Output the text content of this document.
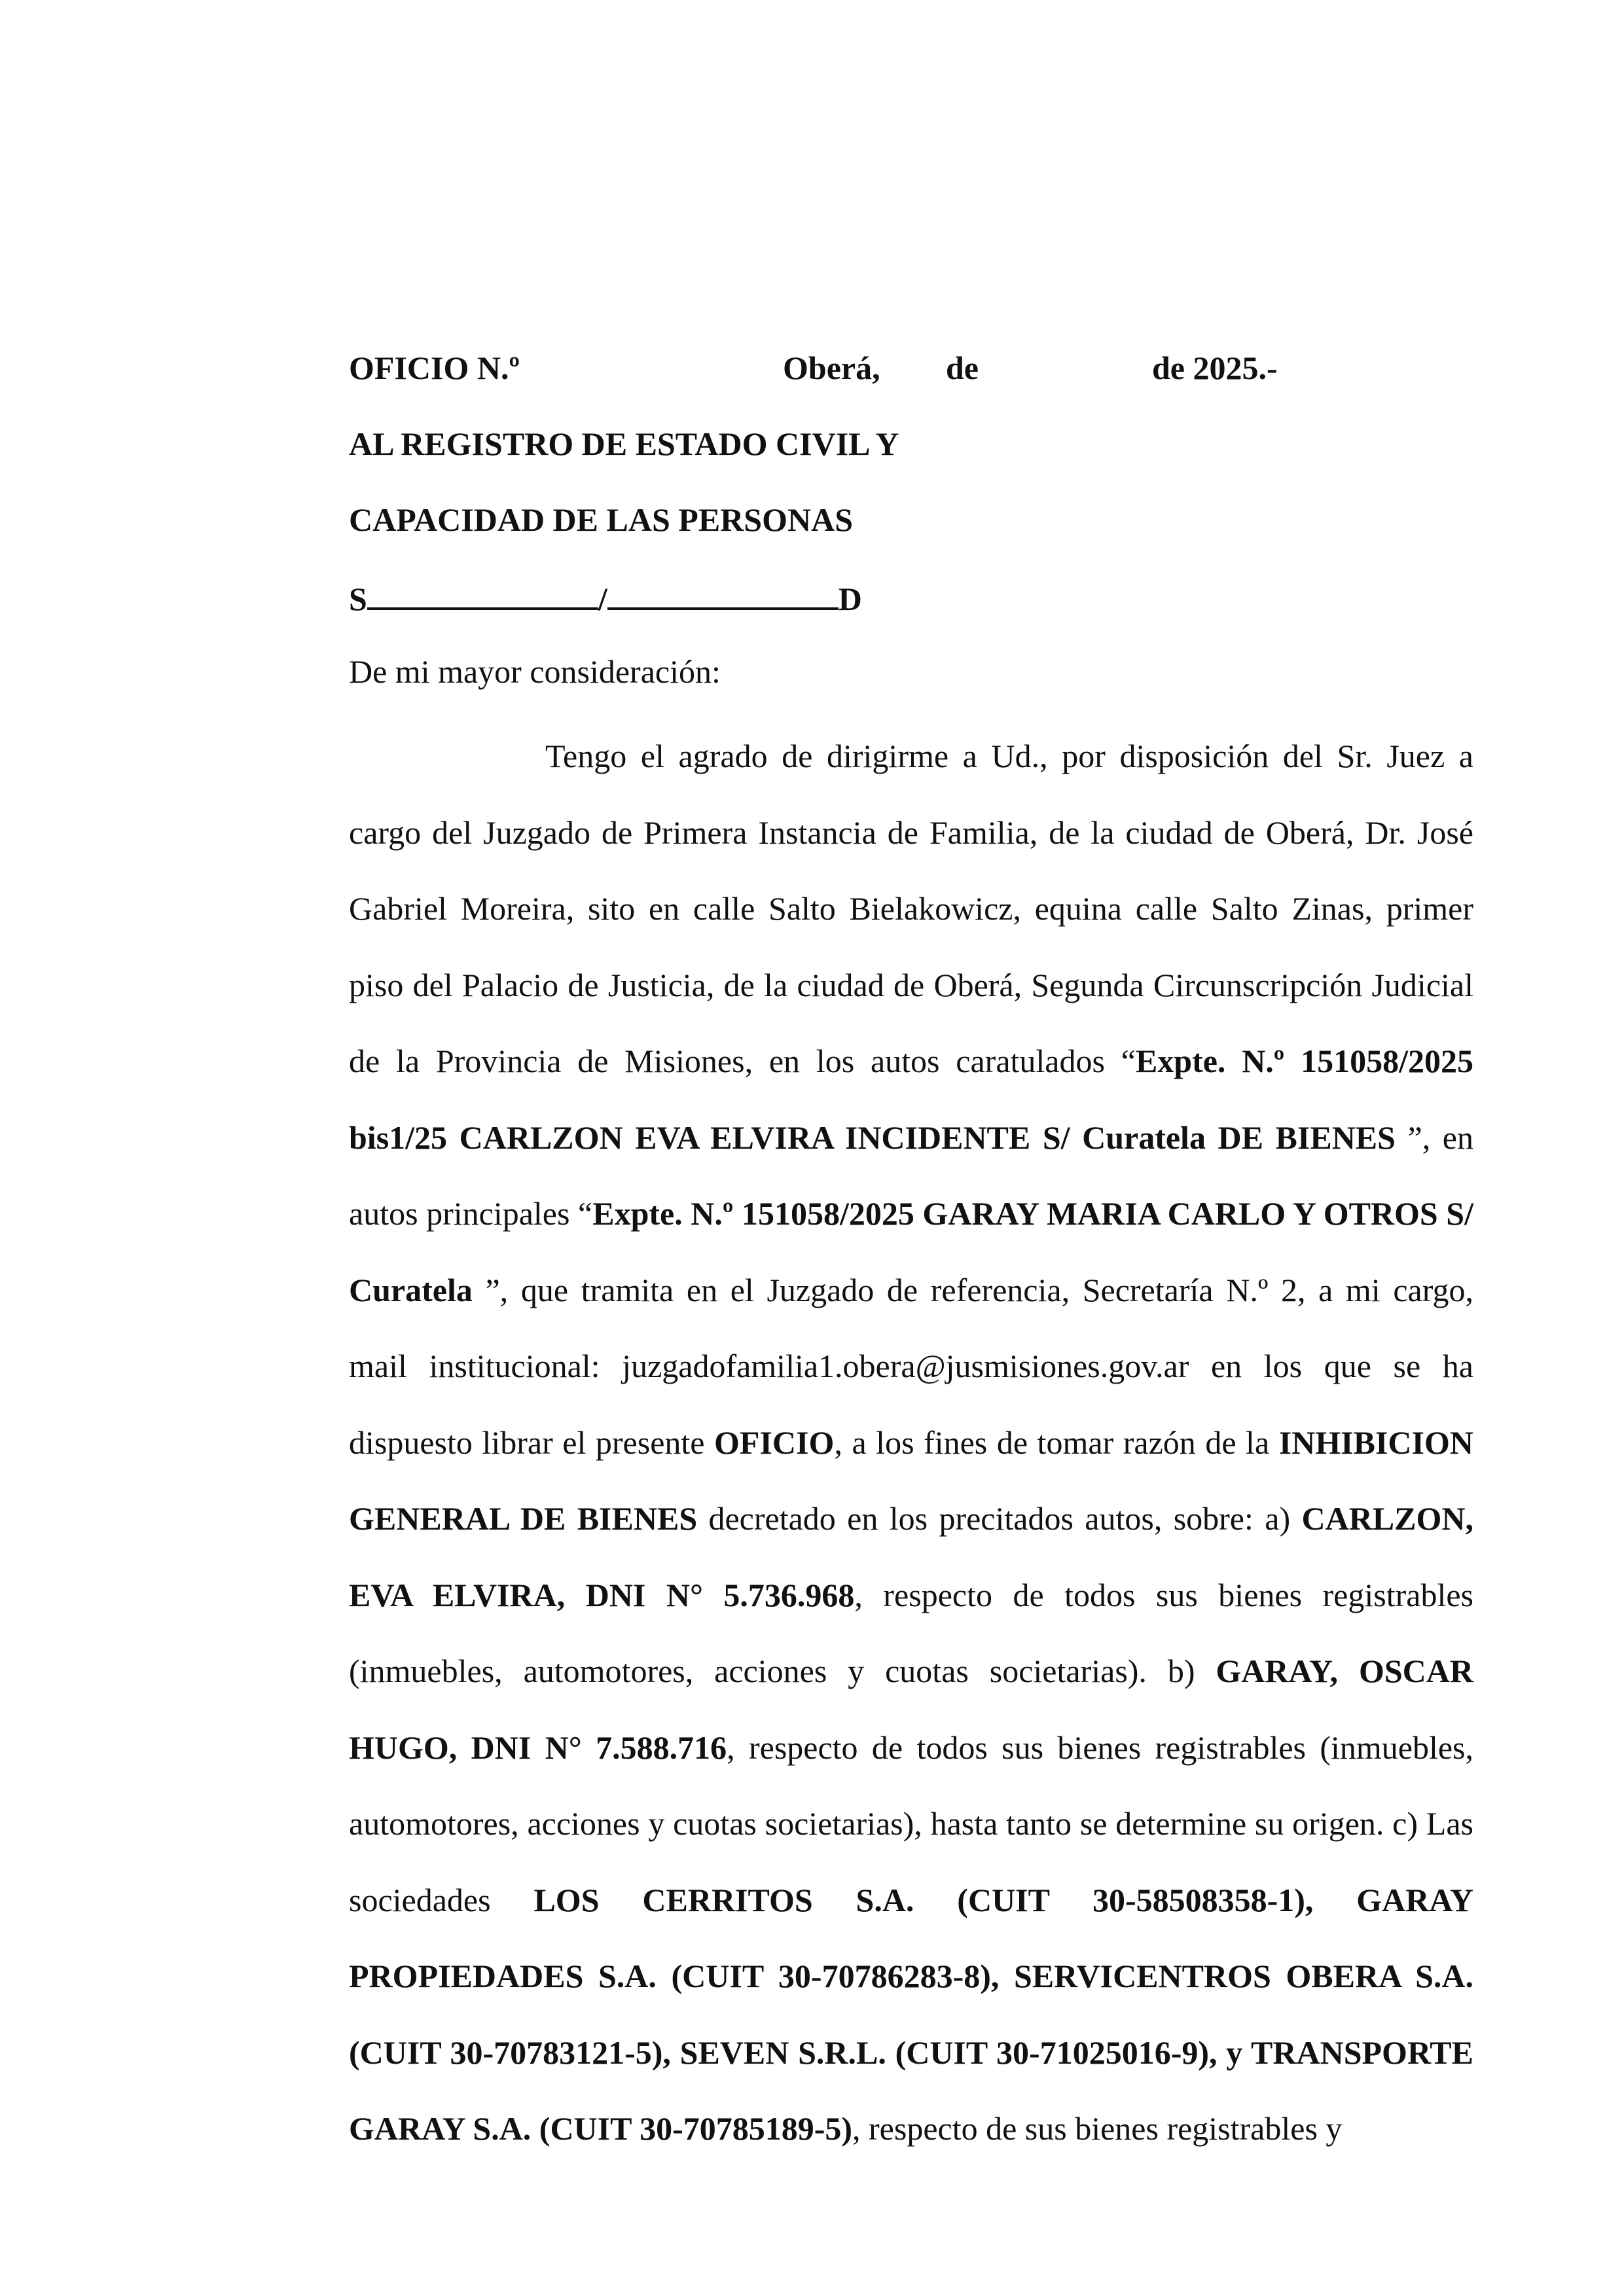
OFICIO N.º	Oberá, de	de 2025.-
AL REGISTRO DE ESTADO CIVIL Y
CAPACIDAD DE LAS PERSONAS
S	/	D
De mi mayor consideración:
Tengo el agrado de dirigirme a Ud., por disposición del Sr. Juez a cargo del Juzgado de Primera Instancia de Familia, de la ciudad de Oberá, Dr. José Gabriel Moreira, sito en calle Salto Bielakowicz, equina calle Salto Zinas, primer piso del Palacio de Justicia, de la ciudad de Oberá, Segunda Circunscripción Judicial de la Provincia de Misiones, en los autos caratulados “Expte. N.º 151058/2025 bis1/25 CARLZON EVA ELVIRA INCIDENTE S/ Curatela DE BIENES ”, en autos principales “Expte. N.º 151058/2025 GARAY MARIA CARLO Y OTROS S/ Curatela ”, que tramita en el Juzgado de referencia, Secretaría N.º 2, a mi cargo, mail institucional: juzgadofamilia1.obera@jusmisiones.gov.ar en los que se ha dispuesto librar el presente OFICIO, a los fines de tomar razón de la INHIBICION GENERAL DE BIENES decretado en los precitados autos, sobre: a) CARLZON, EVA ELVIRA, DNI N° 5.736.968, respecto de todos sus bienes registrables (inmuebles, automotores, acciones y cuotas societarias). b) GARAY, OSCAR HUGO, DNI N° 7.588.716, respecto de todos sus bienes registrables (inmuebles, automotores, acciones y cuotas societarias), hasta tanto se determine su origen. c) Las sociedades LOS CERRITOS S.A. (CUIT 30-58508358-1), GARAY PROPIEDADES S.A. (CUIT 30-70786283-8), SERVICENTROS OBERA S.A. (CUIT 30-70783121-5), SEVEN S.R.L. (CUIT 30-71025016-9), y TRANSPORTE GARAY S.A. (CUIT 30-70785189-5), respecto de sus bienes registrables y
